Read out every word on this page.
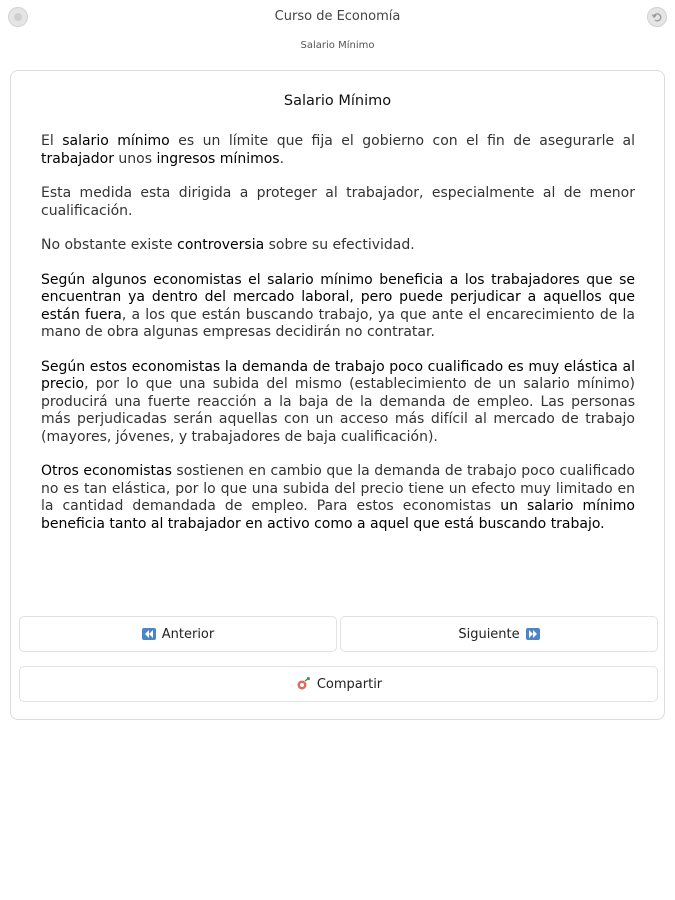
Curso de Economía
Salario Mínimo
Salario Mínimo

El salario mínimo es un límite que fija el gobierno con el fin de asegurarle al trabajador unos ingresos mínimos.

Esta medida esta dirigida a proteger al trabajador, especialmente al de menor cualificación.

No obstante existe controversia sobre su efectividad.

Según algunos economistas el salario mínimo beneficia a los trabajadores que se encuentran ya dentro del mercado laboral, pero puede perjudicar a aquellos que están fuera, a los que están buscando trabajo, ya que ante el encarecimiento de la mano de obra algunas empresas decidirán no contratar.

Según estos economistas la demanda de trabajo poco cualificado es muy elástica al precio, por lo que una subida del mismo (establecimiento de un salario mínimo) producirá una fuerte reacción a la baja de la demanda de empleo. Las personas más perjudicadas serán aquellas con un acceso más difícil al mercado de trabajo (mayores, jóvenes, y trabajadores de baja cualificación).

Otros economistas sostienen en cambio que la demanda de trabajo poco cualificado no es tan elástica, por lo que una subida del precio tiene un efecto muy limitado en la cantidad demandada de empleo. Para estos economistas un salario mínimo beneficia tanto al trabajador en activo como a aquel que está buscando trabajo.

Anterior	Siguiente
Compartir
